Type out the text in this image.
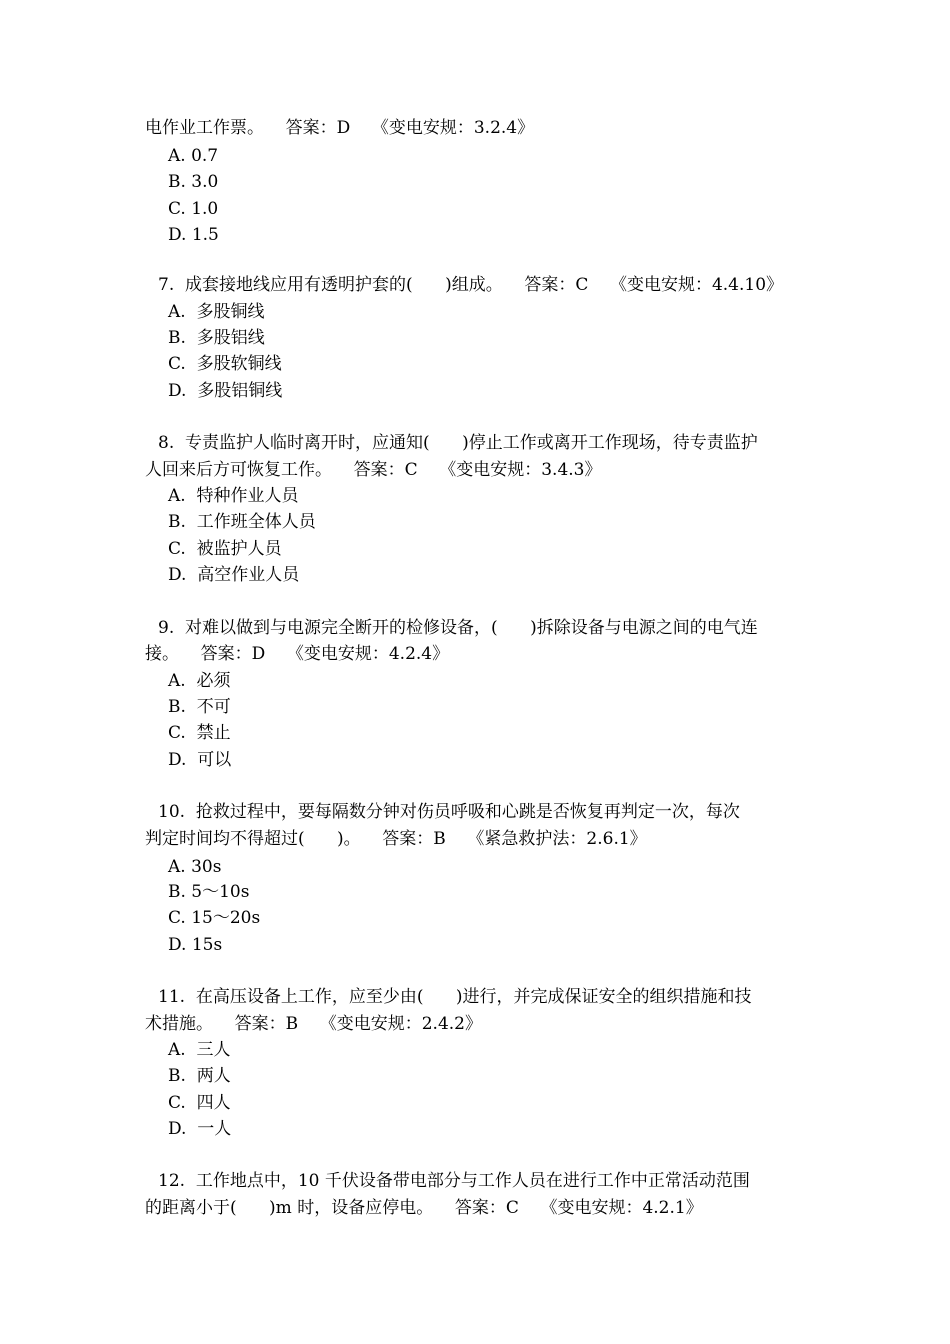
电作业工作票。    答案：D    《变电安规：3.2.4》
A. 0.7
B. 3.0
C. 1.0
D. 1.5
7.  成套接地线应用有透明护套的(      )组成。    答案：C    《变电安规：4.4.10》
A.  多股铜线
B.  多股铝线
C.  多股软铜线
D.  多股铝铜线
8.  专责监护人临时离开时，应通知(      )停止工作或离开工作现场，待专责监护
人回来后方可恢复工作。    答案：C    《变电安规：3.4.3》
A.  特种作业人员
B.  工作班全体人员
C.  被监护人员
D.  高空作业人员
9.  对难以做到与电源完全断开的检修设备，(      )拆除设备与电源之间的电气连
接。    答案：D    《变电安规：4.2.4》
A.  必须
B.  不可
C.  禁止
D.  可以
10.  抢救过程中，要每隔数分钟对伤员呼吸和心跳是否恢复再判定一次，每次
判定时间均不得超过(      )。    答案：B    《紧急救护法：2.6.1》
A. 30s
B. 5～10s
C. 15～20s
D. 15s
11.  在高压设备上工作，应至少由(      )进行，并完成保证安全的组织措施和技
术措施。    答案：B    《变电安规：2.4.2》
A.  三人
B.  两人
C.  四人
D.  一人
12.  工作地点中，10 千伏设备带电部分与工作人员在进行工作中正常活动范围
的距离小于(      )m 时，设备应停电。    答案：C    《变电安规：4.2.1》
